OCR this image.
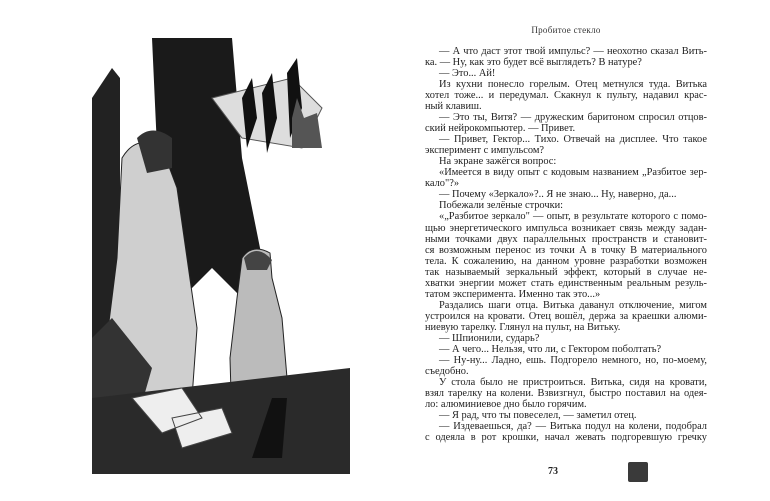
Пробитое стекло
— А что даст этот твой импульс? — неохотно сказал Вить-
ка. — Ну, как это будет всё выглядеть? В натуре?
— Это... Ай!
Из кухни понесло горелым. Отец метнулся туда. Витька
хотел тоже... и передумал. Скакнул к пульту, надавил крас-
ный клавиш.
— Это ты, Витя? — дружеским баритоном спросил отцов-
ский нейрокомпьютер. — Привет.
— Привет, Гектор... Тихо. Отвечай на дисплее. Что такое
эксперимент с импульсом?
На экране зажёгся вопрос:
«Имеется в виду опыт с кодовым названием „Разбитое зер-
кало"?»
— Почему «Зеркало»?.. Я не знаю... Ну, наверно, да...
Побежали зелёные строчки:
«„Разбитое зеркало" — опыт, в результате которого с помо-
щью энергетического импульса возникает связь между задан-
ными точками двух параллельных пространств и становит-
ся возможным перенос из точки А в точку В материального
тела. К сожалению, на данном уровне разработки возможен
так называемый зеркальный эффект, который в случае не-
хватки энергии может стать единственным реальным резуль-
татом эксперимента. Именно так это...»
Раздались шаги отца. Витька даванул отключение, мигом
устроился на кровати. Отец вошёл, держа за краешки алюми-
ниевую тарелку. Глянул на пульт, на Витьку.
— Шпионили, сударь?
— А чего... Нельзя, что ли, с Гектором поболтать?
— Ну-ну... Ладно, ешь. Подгорело немного, но, по-моему,
съедобно.
У стола было не пристроиться. Витька, сидя на кровати,
взял тарелку на колени. Взвизгнул, быстро поставил на одея-
ло: алюминиевое дно было горячим.
— Я рад, что ты повеселел, — заметил отец.
— Издеваешься, да? — Витька подул на колени, подобрал
с одеяла в рот крошки, начал жевать подгоревшую гречку
73
